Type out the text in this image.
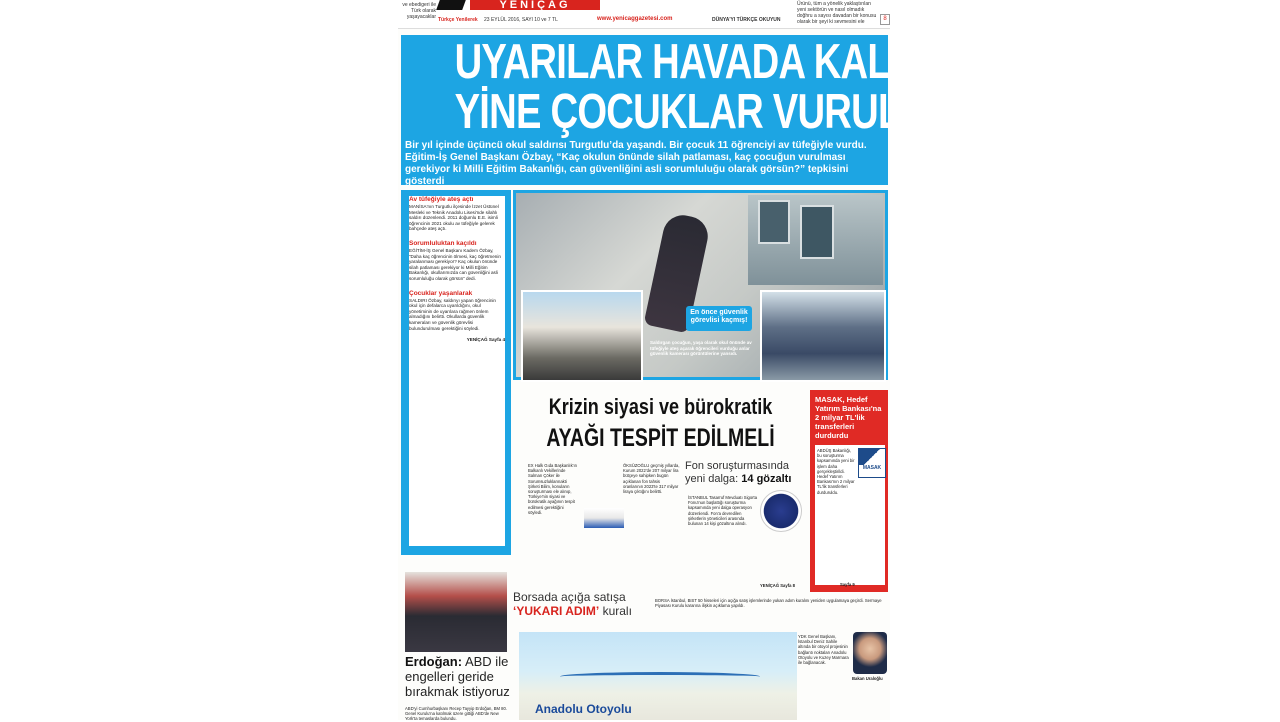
ve ebedigeri ile Türk olarak yaşayacaklar
YENİÇAĞ
Türkçe Yenilerek 23 EYLÜL 2016, SAYI 10 ve 7 TL	www.yenicaggazetesi.com	DÜNYA'YI TÜRKÇE OKUYUN
Ürünü, tüm a yönelik yaklaştırılan yeni sektörün ve nasıl olmadık doğhru a sayısı davadan bir konusu olarak bir şeyi ki sevmesini ele	8
UYARILAR HAVADA KALDI
YİNE ÇOCUKLAR VURULDU
Bir yıl içinde üçüncü okul saldırısı Turgutlu’da yaşandı. Bir çocuk 11 öğrenciyi av tüfeğiyle vurdu. Eğitim-İş Genel Başkanı Özbay, “Kaç okulun önünde silah patlaması, kaç çocuğun vurulması gerekiyor ki Milli Eğitim Bakanlığı, can güvenliğini asli sorumluluğu olarak görsün?” tepkisini gösterdi
Av tüfeğiyle ateş açtı
MANİSA'nın Turgutlu ilçesinde İzzet Üstünel Mesleki ve Teknik Anadolu Lisesi'nde silahlı saldırı düzenlendi. 2011 doğumlu E.E. isimli öğrencinin 2021 okulu av tüfeğiyle gelerek bahçede ateş açtı.
Sorumluluktan kaçıldı
EĞİTİM-İŞ Genel Başkanı Kadem Özbay, “Daha kaç öğrencinin ölmesi, kaç öğretmenin yaralanması gerekiyor? Kaç okulun önünde silah patlaması gerekiyor ki Milli Eğitim Bakanlığı, okullarımızda can güvenliğini asli sorumluluğu olarak görsün” dedi.
Çocuklar yaşanlarak
SALDIRI Özbay, saldırıyı yapan öğrencinin okul için defalarca uyarıldığını, okul yönetiminin de uyarılara rağmen önlem almadığını belirtti. Okullarda güvenlik kameraları ve güvenlik görevlisi bulundurulması gerektiğini söyledi.
YENİÇAĞ Sayfa 4
En önce güvenlik görevlisi kaçmış!
Saldırgan çocuğun, yaşa olarak okul önünde av tüfeğiyle ateş açarak öğrencileri vurduğu anlar güvenlik kamerası görüntülerine yansıdı.
Krizin siyasi ve bürokratik
AYAĞI TESPİT EDİLMELİ
EX Halk Gıda Başkanlık'ın Balkanlı Vekillerinde Salman Çöker ile Sorumsuzluklarınakti Şirketi Bilim, konuların soruşturması ele alınıp, Türkiye'nin siyasi ve bürokratik ayağının tespit edilmesi gerektiğini söyledi.
ÖKSÜZOĞLU geçmiş yıllarda, Kurum 2022'de 207 milyar lira bütçeye sahipken bugün açıklanan fon tahsis oranlarının 2023'te 317 milyar liraya çıktığını belirtti.
Fon soruşturmasında yeni dalga: 14 gözaltı
İSTANBUL Tasarruf Mevduatı Sigorta Fonu'nun başlattığı soruşturma kapsamında yeni dalga operasyon düzenlendi. Fon'a devredilen şirketlerin yöneticileri arasında bulunan 14 kişi gözaltına alındı.
YENİÇAĞ Sayfa 8
MASAK, Hedef Yatırım Bankası'na 2 milyar TL'lik transferleri durdurdu
MASAK
ABDÜŞ Bakanlığı, bu soruşturma kapsamında yeni bir işlem daha gerçekleştirildi. Hedef Yatırım Bankası'nın 2 milyar TL'lik transferleri durduruldu.
Sayfa 9
Erdoğan: ABD ile engelleri geride bırakmak istiyoruz
ABD'yi Cumhurbaşkanı Recep Tayyip Erdoğan, BM 80. Genel Kurulu'na katılmak üzere gittiği ABD'de New York'ta temaslarda bulundu.
Borsada açığa satışa
‘YUKARI ADIM’ kuralı
BORSA İstanbul, BIST 50 hisseleri için açığa satış işlemlerinde yukarı adım kuralını yeniden uygulamaya geçirdi. Sermaye Piyasası Kurulu kararına ilişkin açıklama yapıldı.
Anadolu Otoyolu
YDK Genel Başkanı, İstanbul Deniz Sahile altında bir otoyol projesinin bağlantı noktaları Anadolu Otoyolu ve Kuzey Marmara ile bağlanacak.
Bakan Uraloğlu
